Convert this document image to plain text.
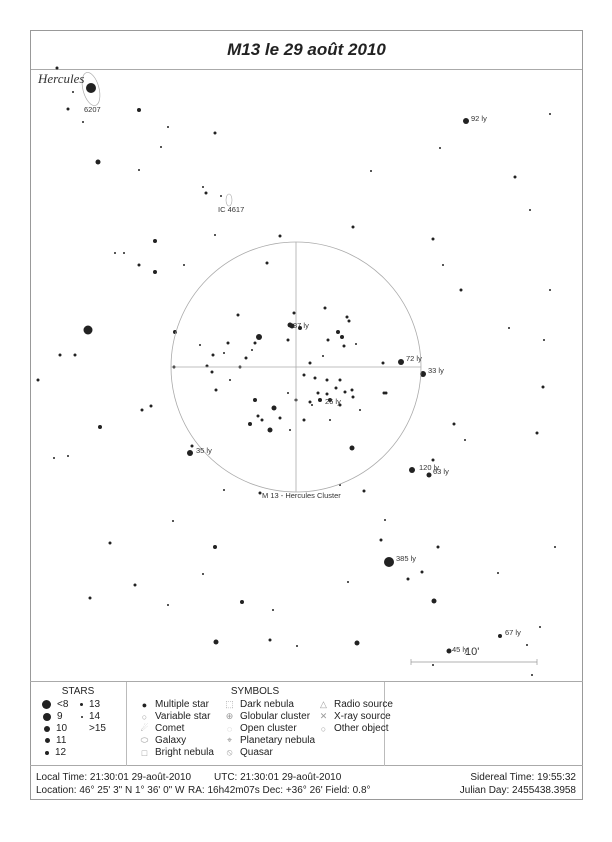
M13 le 29 août 2010
Hercules
6207
IC 4617
M 13 - Hercules Cluster
92 ly
72 ly
33 ly
87 ly
26 ly
35 ly
120 ly
63 ly
385 ly
67 ly
45 ly
10'
STARS
<8
9
10
11
12
13
14
>15
SYMBOLS
● Multiple star
○ Variable star
☄ Comet
⬭ Galaxy
□ Bright nebula
⬚ Dark nebula
⊕ Globular cluster
◌ Open cluster
⌖ Planetary nebula
⦸ Quasar
△ Radio source
✕ X-ray source
○ Other object
Local Time: 21:30:01 29-août-2010 UTC: 21:30:01 29-août-2010	Sidereal Time: 19:55:32
Location: 46° 25' 3" N 1° 36' 0" W RA: 16h42m07s Dec: +36° 26' Field: 0.8°	Julian Day: 2455438.3958
